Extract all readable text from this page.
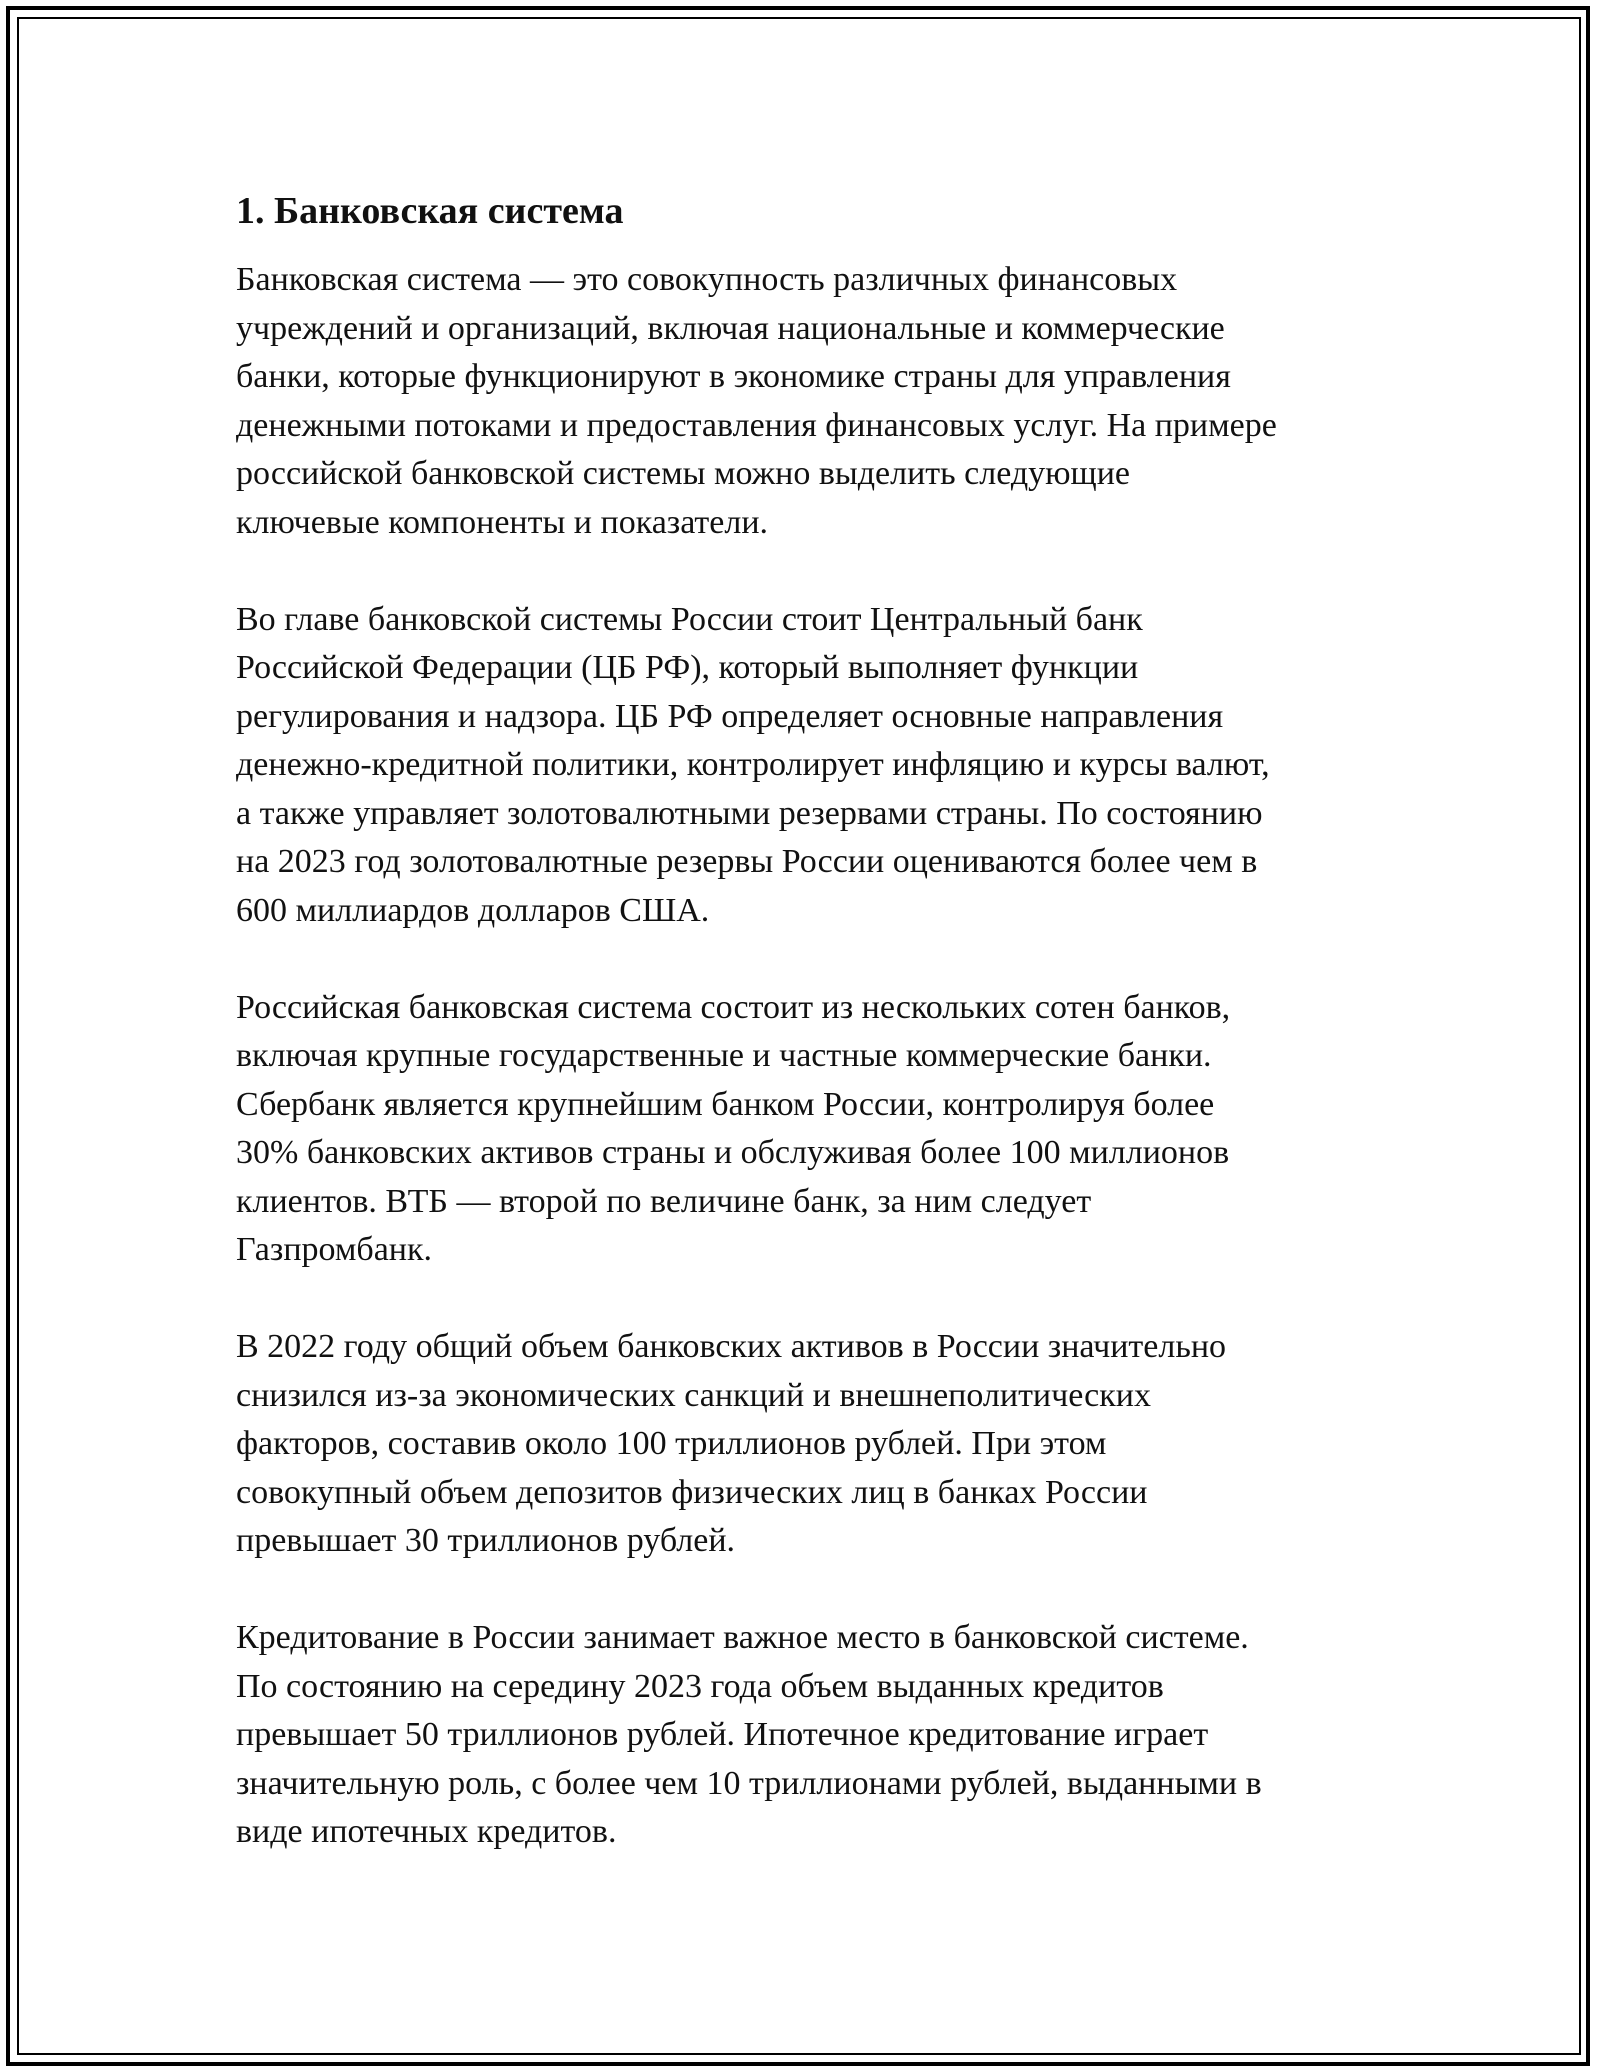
1. Банковская система

Банковская система — это совокупность различных финансовых
учреждений и организаций, включая национальные и коммерческие
банки, которые функционируют в экономике страны для управления
денежными потоками и предоставления финансовых услуг. На примере
российской банковской системы можно выделить следующие
ключевые компоненты и показатели.

Во главе банковской системы России стоит Центральный банк
Российской Федерации (ЦБ РФ), который выполняет функции
регулирования и надзора. ЦБ РФ определяет основные направления
денежно-кредитной политики, контролирует инфляцию и курсы валют,
а также управляет золотовалютными резервами страны. По состоянию
на 2023 год золотовалютные резервы России оцениваются более чем в
600 миллиардов долларов США.

Российская банковская система состоит из нескольких сотен банков,
включая крупные государственные и частные коммерческие банки.
Сбербанк является крупнейшим банком России, контролируя более
30% банковских активов страны и обслуживая более 100 миллионов
клиентов. ВТБ — второй по величине банк, за ним следует
Газпромбанк.

В 2022 году общий объем банковских активов в России значительно
снизился из-за экономических санкций и внешнеполитических
факторов, составив около 100 триллионов рублей. При этом
совокупный объем депозитов физических лиц в банках России
превышает 30 триллионов рублей.

Кредитование в России занимает важное место в банковской системе.
По состоянию на середину 2023 года объем выданных кредитов
превышает 50 триллионов рублей. Ипотечное кредитование играет
значительную роль, с более чем 10 триллионами рублей, выданными в
виде ипотечных кредитов.
